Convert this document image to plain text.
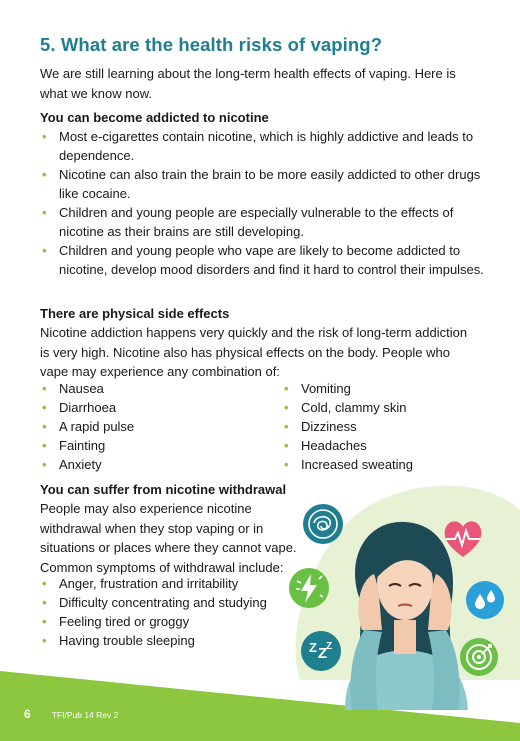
5. What are the health risks of vaping?

We are still learning about the long-term health effects of vaping. Here is what we know now.

You can become addicted to nicotine

• Most e-cigarettes contain nicotine, which is highly addictive and leads to dependence.
• Nicotine can also train the brain to be more easily addicted to other drugs like cocaine.
• Children and young people are especially vulnerable to the effects of nicotine as their brains are still developing.
• Children and young people who vape are likely to become addicted to nicotine, develop mood disorders and find it hard to control their impulses.

There are physical side effects

Nicotine addiction happens very quickly and the risk of long-term addiction is very high. Nicotine also has physical effects on the body. People who vape may experience any combination of:

• Nausea
• Diarrhoea
• A rapid pulse
• Fainting
• Anxiety
• Vomiting
• Cold, clammy skin
• Dizziness
• Headaches
• Increased sweating

You can suffer from nicotine withdrawal

People may also experience nicotine withdrawal when they stop vaping or in situations or places where they cannot vape. Common symptoms of withdrawal include:

• Anger, frustration and irritability
• Difficulty concentrating and studying
• Feeling tired or groggy
• Having trouble sleeping	Z Z
Z
6 TFI/Pub 14 Rev 2
